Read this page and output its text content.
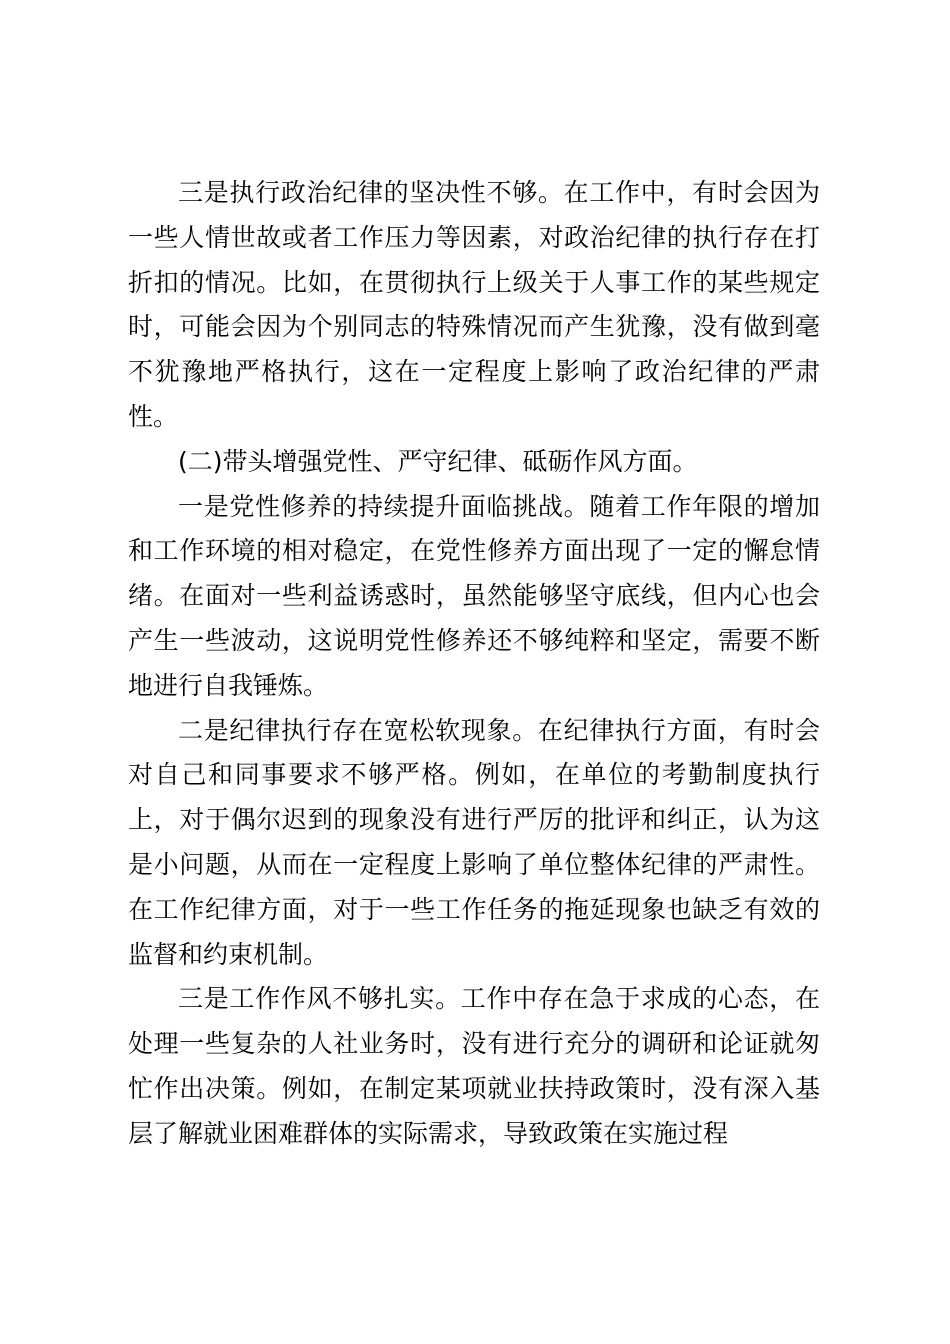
三是执行政治纪律的坚决性不够。在工作中，有时会因为一些人情世故或者工作压力等因素，对政治纪律的执行存在打折扣的情况。比如，在贯彻执行上级关于人事工作的某些规定时，可能会因为个别同志的特殊情况而产生犹豫，没有做到毫不犹豫地严格执行，这在一定程度上影响了政治纪律的严肃性。

(二)带头增强党性、严守纪律、砥砺作风方面。

一是党性修养的持续提升面临挑战。随着工作年限的增加和工作环境的相对稳定，在党性修养方面出现了一定的懈怠情绪。在面对一些利益诱惑时，虽然能够坚守底线，但内心也会产生一些波动，这说明党性修养还不够纯粹和坚定，需要不断地进行自我锤炼。

二是纪律执行存在宽松软现象。在纪律执行方面，有时会对自己和同事要求不够严格。例如，在单位的考勤制度执行上，对于偶尔迟到的现象没有进行严厉的批评和纠正，认为这是小问题，从而在一定程度上影响了单位整体纪律的严肃性。在工作纪律方面，对于一些工作任务的拖延现象也缺乏有效的监督和约束机制。

三是工作作风不够扎实。工作中存在急于求成的心态，在处理一些复杂的人社业务时，没有进行充分的调研和论证就匆忙作出决策。例如，在制定某项就业扶持政策时，没有深入基层了解就业困难群体的实际需求，导致政策在实施过程
